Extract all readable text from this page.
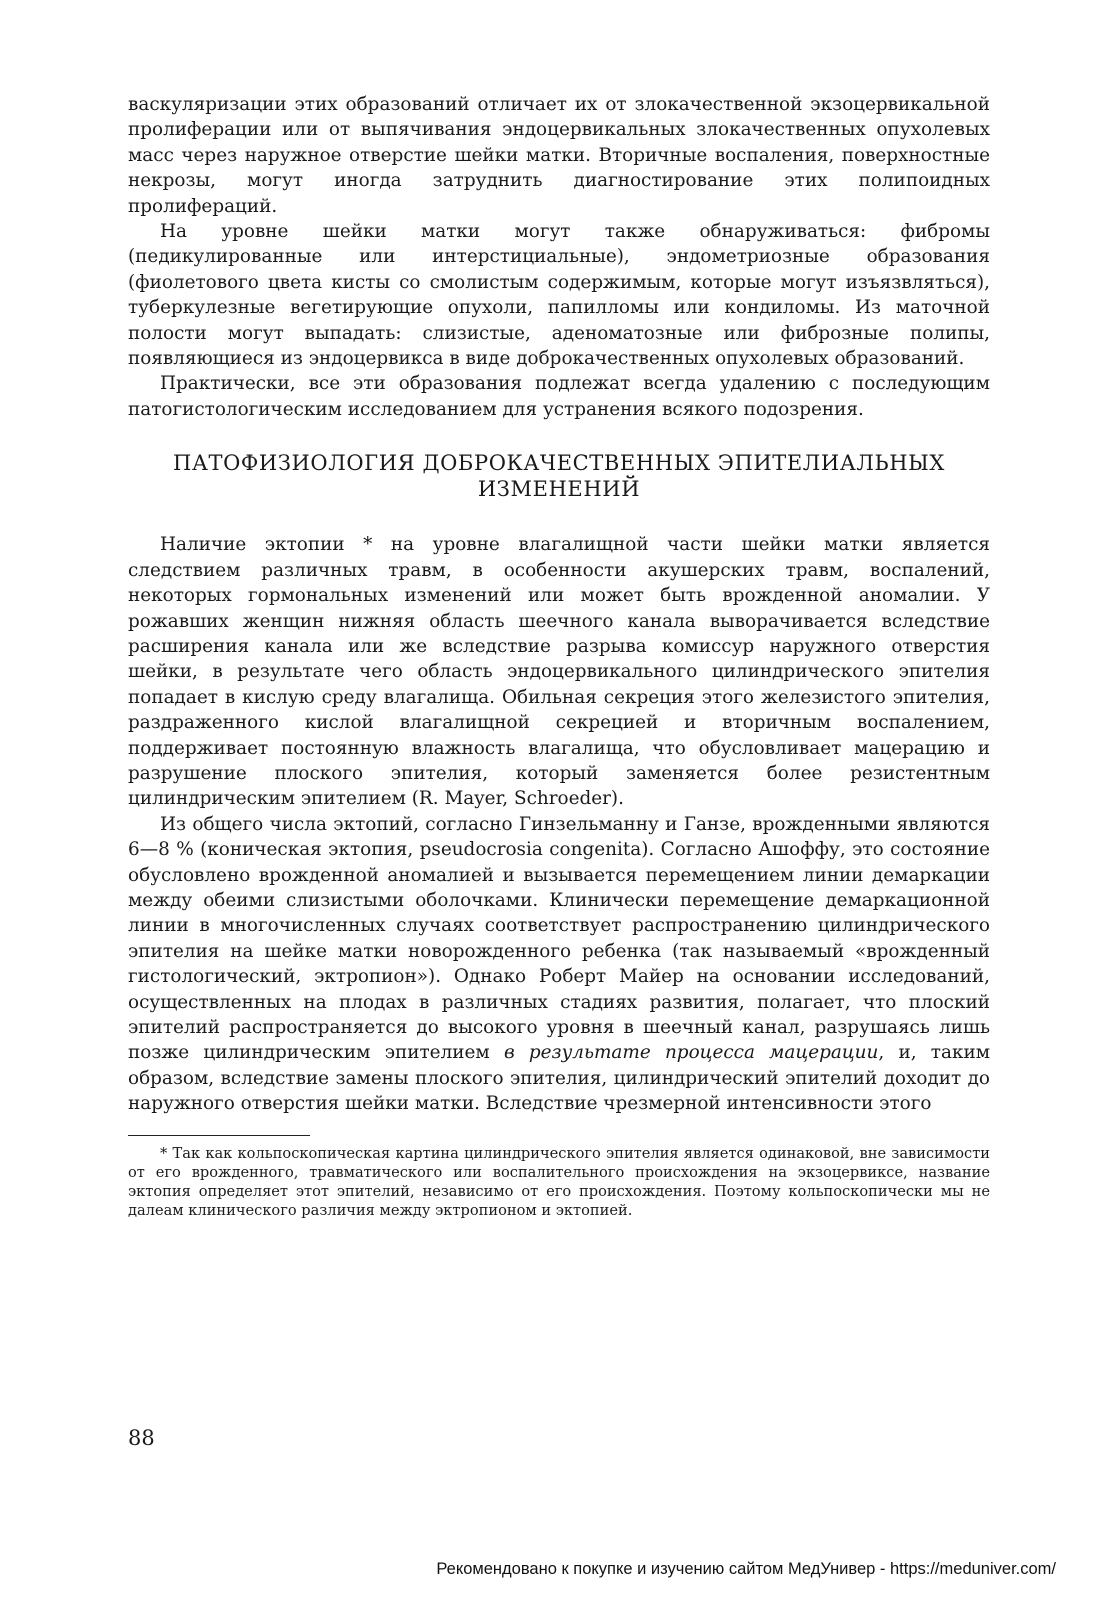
васкуляризации этих образований отличает их от злокачественной экзоцервикальной пролиферации или от выпячивания эндоцервикальных злокачественных опухолевых масс через наружное отверстие шейки матки. Вторичные воспаления, поверхностные некрозы, могут иногда затруднить диагностирование этих полипоидных пролифераций.

На уровне шейки матки могут также обнаруживаться: фибромы (педикулированные или интерстициальные), эндометриозные образования (фиолетового цвета кисты со смолистым содержимым, которые могут изъязвляться), туберкулезные вегетирующие опухоли, папилломы или кондиломы. Из маточной полости могут выпадать: слизистые, аденоматозные или фиброзные полипы, появляющиеся из эндоцервикса в виде доброкачественных опухолевых образований.

Практически, все эти образования подлежат всегда удалению с последующим патогистологическим исследованием для устранения всякого подозрения.

ПАТОФИЗИОЛОГИЯ ДОБРОКАЧЕСТВЕННЫХ ЭПИТЕЛИАЛЬНЫХ
ИЗМЕНЕНИЙ

Наличие эктопии * на уровне влагалищной части шейки матки является следствием различных травм, в особенности акушерских травм, воспалений, некоторых гормональных изменений или может быть врожденной аномалии. У рожавших женщин нижняя область шеечного канала выворачивается вследствие расширения канала или же вследствие разрыва комиссур наружного отверстия шейки, в результате чего область эндоцервикального цилиндрического эпителия попадает в кислую среду влагалища. Обильная секреция этого железистого эпителия, раздраженного кислой влагалищной секрецией и вторичным воспалением, поддерживает постоянную влажность влагалища, что обусловливает мацерацию и разрушение плоского эпителия, который заменяется более резистентным цилиндрическим эпителием (R. Mayer, Schroeder).

Из общего числа эктопий, согласно Гинзельманну и Ганзе, врожденными являются 6—8 % (коническая эктопия, pseudocrosia congenita). Согласно Ашоффу, это состояние обусловлено врожденной аномалией и вызывается перемещением линии демаркации между обеими слизистыми оболочками. Клинически перемещение демаркационной линии в многочисленных случаях соответствует распространению цилиндрического эпителия на шейке матки новорожденного ребенка (так называемый «врожденный гистологический, эктропион»). Однако Роберт Майер на основании исследований, осуществленных на плодах в различных стадиях развития, полагает, что плоский эпителий распространяется до высокого уровня в шеечный канал, разрушаясь лишь позже цилиндрическим эпителием в результате процесса мацерации, и, таким образом, вследствие замены плоского эпителия, цилиндрический эпителий доходит до наружного отверстия шейки матки. Вследствие чрезмерной интенсивности этого

* Так как кольпоскопическая картина цилиндрического эпителия является одинаковой, вне зависимости от его врожденного, травматического или воспалительного происхождения на экзоцервиксе, название эктопия определяет этот эпителий, независимо от его происхождения. Поэтому кольпоскопически мы не далеам клинического различия между эктропионом и эктопией.

88
Рекомендовано к покупке и изучению сайтом МедУнивер - https://meduniver.com/
